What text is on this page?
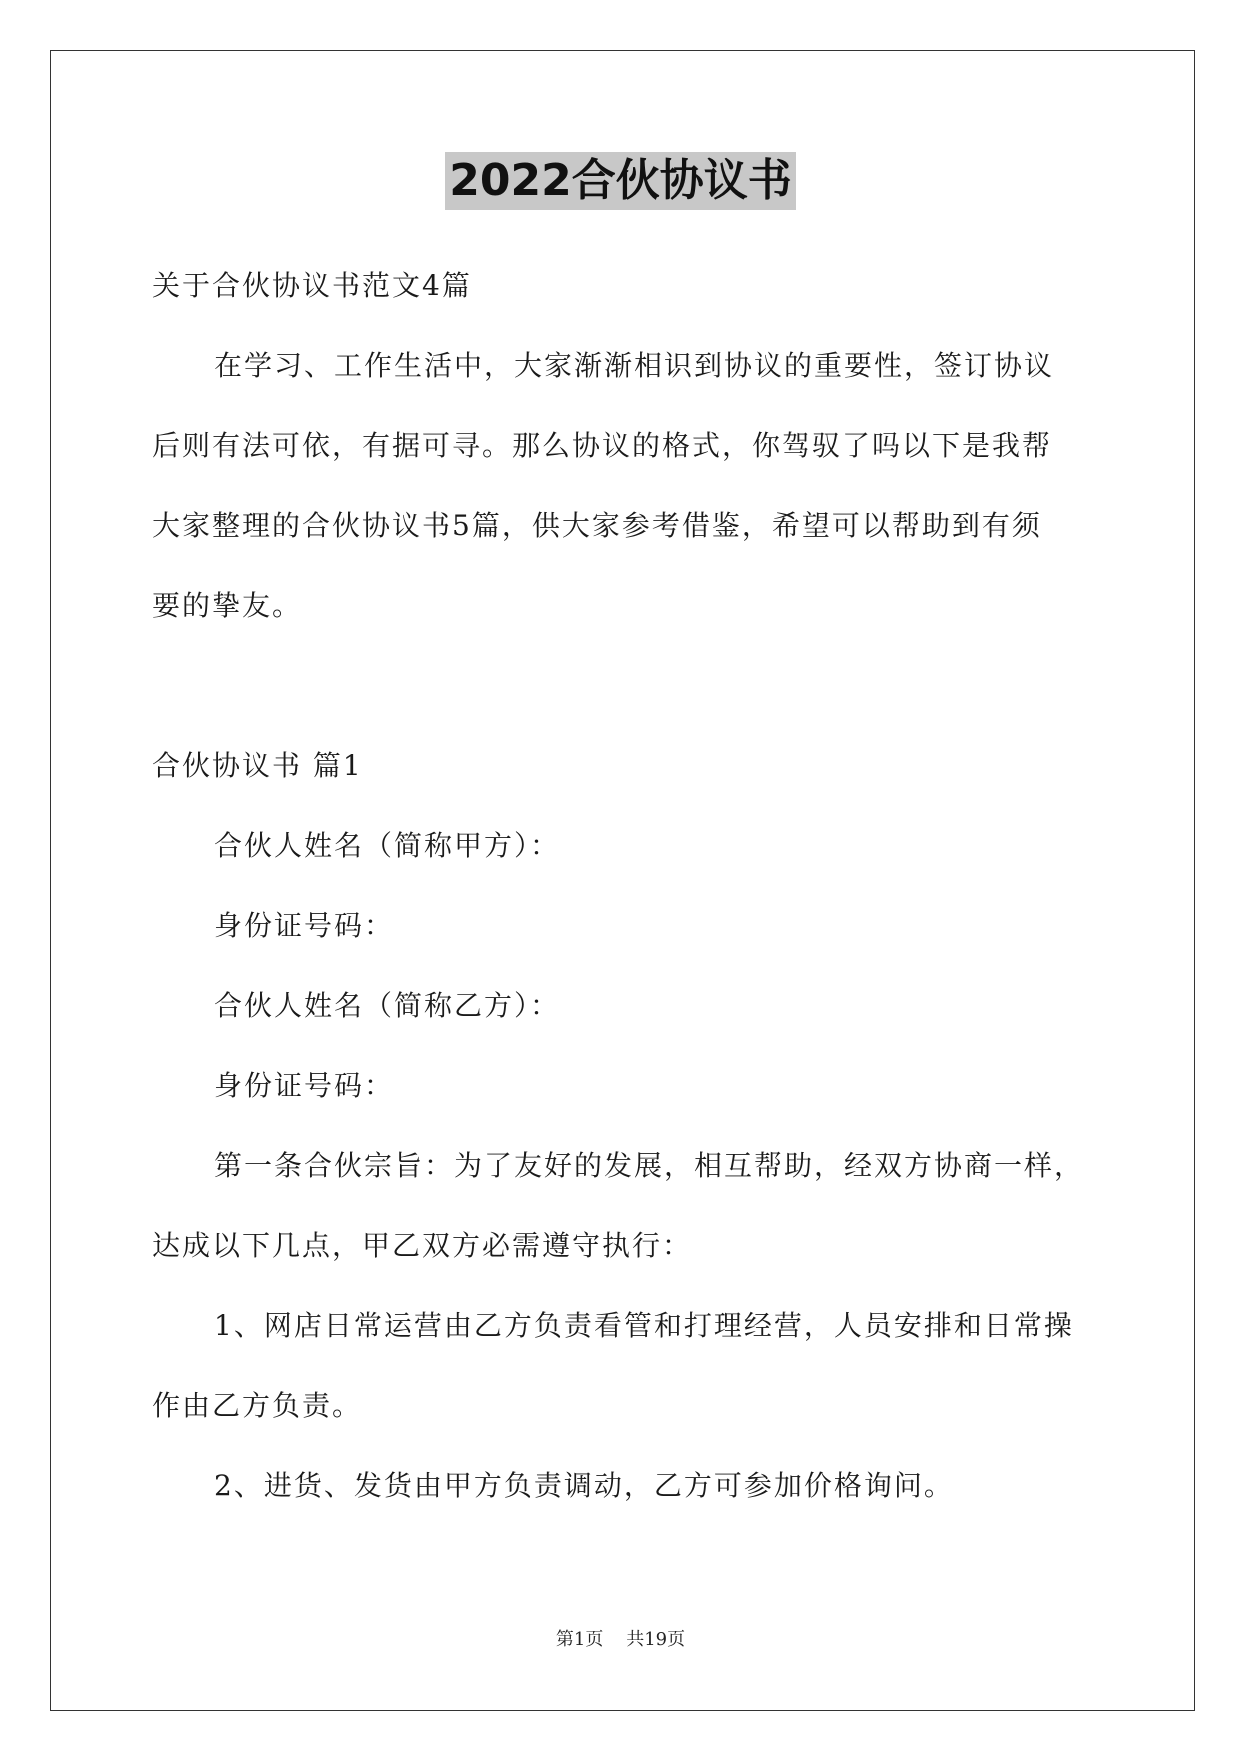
2022合伙协议书
关于合伙协议书范文4篇
在学习、工作生活中，大家渐渐相识到协议的重要性，签订协议
后则有法可依，有据可寻。那么协议的格式，你驾驭了吗以下是我帮
大家整理的合伙协议书5篇，供大家参考借鉴，希望可以帮助到有须
要的挚友。
合伙协议书 篇1
合伙人姓名（简称甲方）：
身份证号码：
合伙人姓名（简称乙方）：
身份证号码：
第一条合伙宗旨：为了友好的发展，相互帮助，经双方协商一样，
达成以下几点，甲乙双方必需遵守执行：
1、网店日常运营由乙方负责看管和打理经营，人员安排和日常操
作由乙方负责。
2、进货、发货由甲方负责调动，乙方可参加价格询问。
第1页 共19页
